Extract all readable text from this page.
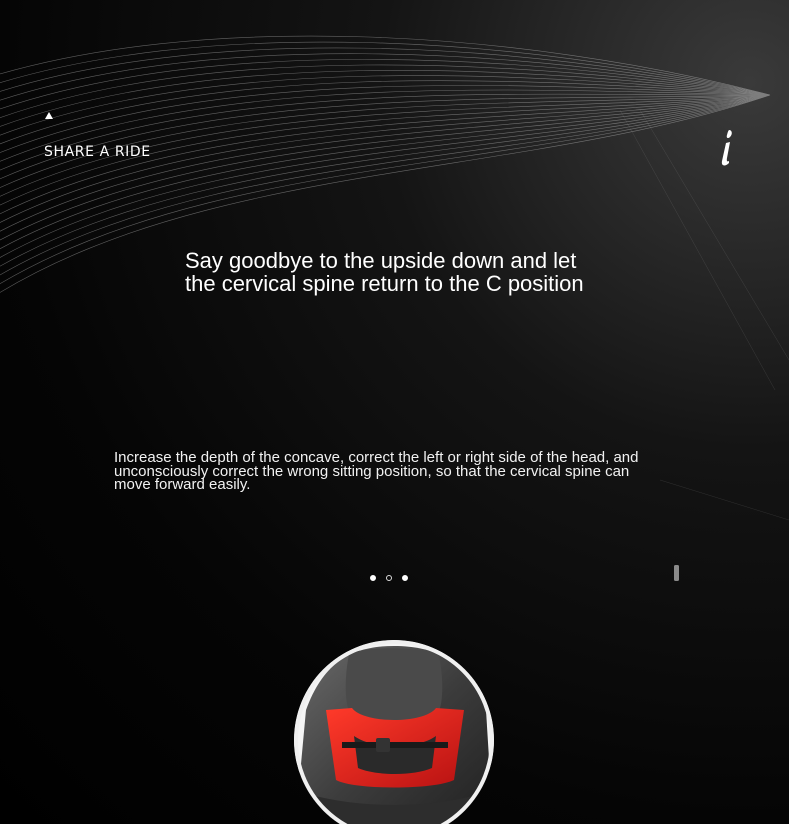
SHARE A RIDE
Say goodbye to the upside down and let
the cervical spine return to the C position

Increase the depth of the concave, correct the left or right side of the head, and unconsciously correct the wrong sitting position, so that the cervical spine can move forward easily.
